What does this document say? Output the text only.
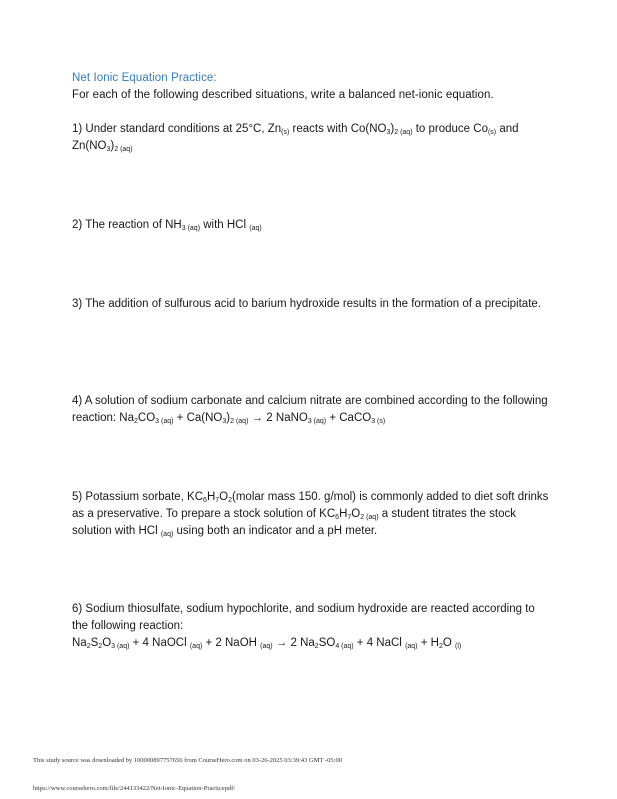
Net Ionic Equation Practice:
For each of the following described situations, write a balanced net-ionic equation.
1) Under standard conditions at 25°C, $Zn_{(s)}$ reacts with $Co(NO_3)_{2 (aq)}$ to produce $Co_{(s)}$ and $Zn(NO_3)_{2 (aq)}$
2) The reaction of $NH_{3 (aq)}$ with HCl $_{(aq)}$
3) The addition of sulfurous acid to barium hydroxide results in the formation of a precipitate.
4) A solution of sodium carbonate and calcium nitrate are combined according to the following reaction: $Na_2CO_{3 (aq)} + Ca(NO_3)_{2 (aq)} \to 2$ NaNO$_{3 (aq)}$ + CaCO$_{3 (s)}$
5) Potassium sorbate, $KC_6H_7O_2(molar$ mass 150. g/mol) is commonly added to diet soft drinks as a preservative. To prepare a stock solution of $KC_6H_7O_{2 (aq)}$ a student titrates the stock solution with HCl $_{(aq)}$ using both an indicator and a pH meter.
6) Sodium thiosulfate, sodium hypochlorite, and sodium hydroxide are reacted according to the following reaction:
$Na_2S_2O_{3 (aq)} + 4$ NaOCl $_{(aq)}$ + 2 NaOH $_{(aq)}$ → 2 $Na_2SO_{4 (aq)} + 4$ NaCl $_{(aq)} + H_2O$ $_{(l)}$
This study source was downloaded by 100000897757656 from CourseHero.com on 03-26-2025 03:39:43 GMT -05:00
https://www.coursehero.com/file/244133422/Net-Ionic-Equation-Practicepdf/
